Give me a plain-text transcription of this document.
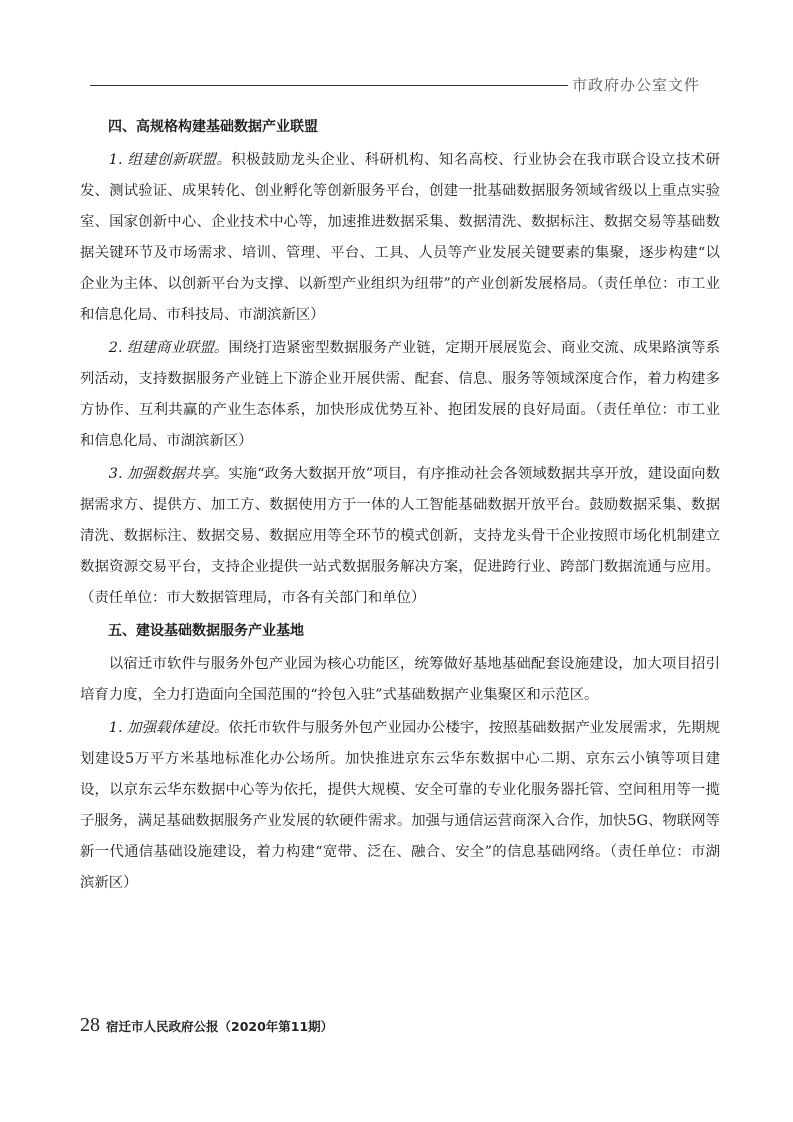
市政府办公室文件

四、高规格构建基础数据产业联盟

1. 组建创新联盟。积极鼓励龙头企业、科研机构、知名高校、行业协会在我市联合设立技术研发、测试验证、成果转化、创业孵化等创新服务平台，创建一批基础数据服务领域省级以上重点实验室、国家创新中心、企业技术中心等，加速推进数据采集、数据清洗、数据标注、数据交易等基础数据关键环节及市场需求、培训、管理、平台、工具、人员等产业发展关键要素的集聚，逐步构建“以企业为主体、以创新平台为支撑、以新型产业组织为纽带”的产业创新发展格局。（责任单位：市工业和信息化局、市科技局、市湖滨新区）

2. 组建商业联盟。围绕打造紧密型数据服务产业链，定期开展展览会、商业交流、成果路演等系列活动，支持数据服务产业链上下游企业开展供需、配套、信息、服务等领域深度合作，着力构建多方协作、互利共赢的产业生态体系，加快形成优势互补、抱团发展的良好局面。（责任单位：市工业和信息化局、市湖滨新区）

3. 加强数据共享。实施“政务大数据开放”项目，有序推动社会各领域数据共享开放，建设面向数据需求方、提供方、加工方、数据使用方于一体的人工智能基础数据开放平台。鼓励数据采集、数据清洗、数据标注、数据交易、数据应用等全环节的模式创新，支持龙头骨干企业按照市场化机制建立数据资源交易平台，支持企业提供一站式数据服务解决方案，促进跨行业、跨部门数据流通与应用。（责任单位：市大数据管理局，市各有关部门和单位）

五、建设基础数据服务产业基地

以宿迁市软件与服务外包产业园为核心功能区，统筹做好基地基础配套设施建设，加大项目招引培育力度，全力打造面向全国范围的“拎包入驻”式基础数据产业集聚区和示范区。

1. 加强载体建设。依托市软件与服务外包产业园办公楼宇，按照基础数据产业发展需求，先期规划建设5万平方米基地标准化办公场所。加快推进京东云华东数据中心二期、京东云小镇等项目建设，以京东云华东数据中心等为依托，提供大规模、安全可靠的专业化服务器托管、空间租用等一揽子服务，满足基础数据服务产业发展的软硬件需求。加强与通信运营商深入合作，加快5G、物联网等新一代通信基础设施建设，着力构建“宽带、泛在、融合、安全”的信息基础网络。（责任单位：市湖滨新区）

28 宿迁市人民政府公报（2020年第11期）
